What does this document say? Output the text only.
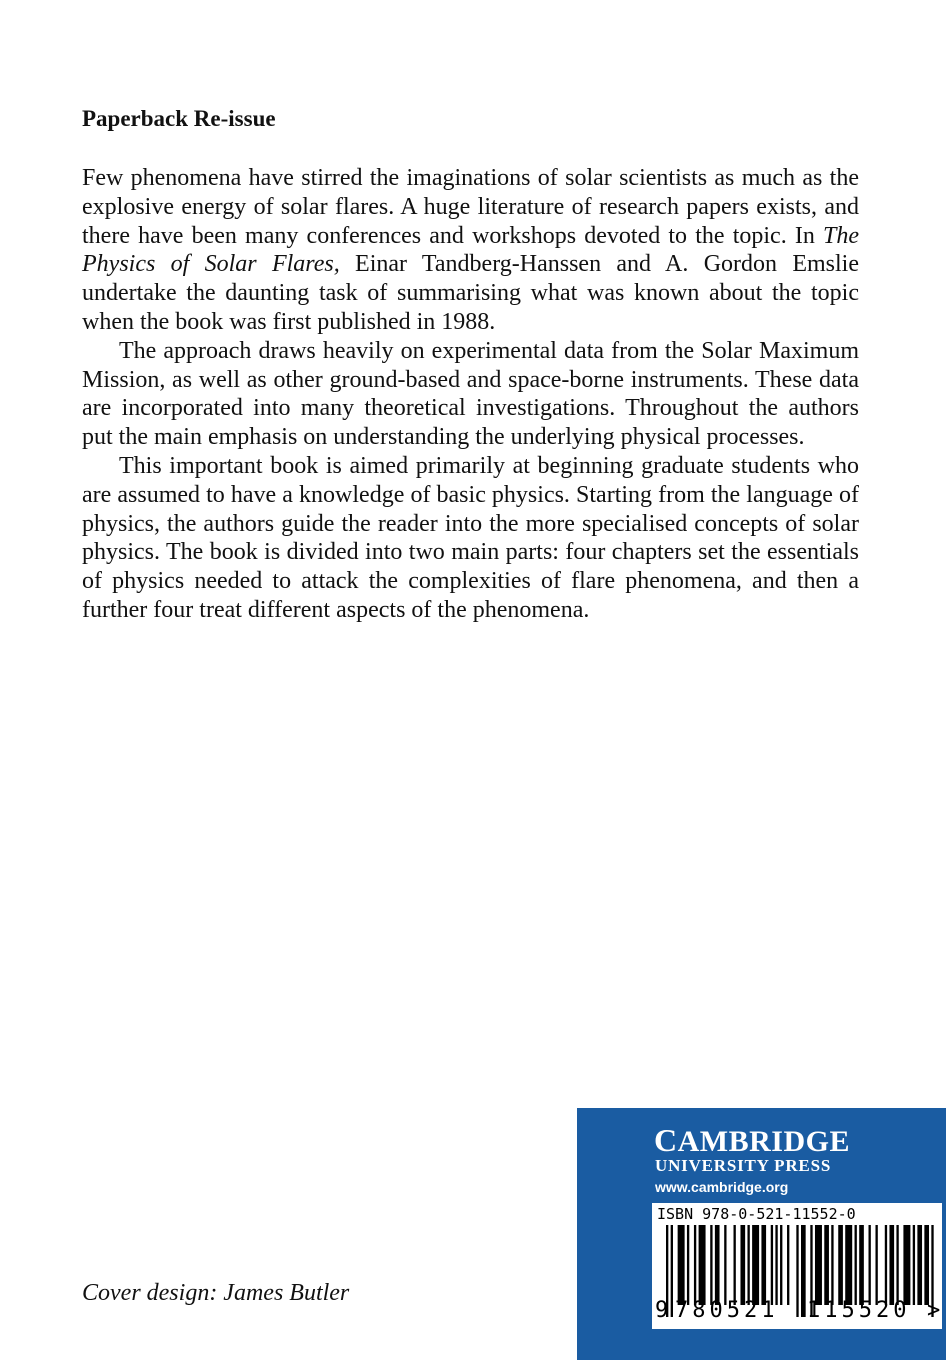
Paperback Re-issue

Few phenomena have stirred the imaginations of solar scientists as much as the explosive energy of solar flares. A huge literature of research papers exists, and there have been many conferences and workshops devoted to the topic. In The Physics of Solar Flares, Einar Tandberg-Hanssen and A. Gordon Emslie undertake the daunting task of summarising what was known about the topic when the book was first published in 1988.

The approach draws heavily on experimental data from the Solar Maximum Mission, as well as other ground-based and space-borne instruments. These data are incorporated into many theoretical investigations. Throughout the authors put the main emphasis on understanding the underlying physical processes.

This important book is aimed primarily at beginning graduate students who are assumed to have a knowledge of basic physics. Starting from the language of physics, the authors guide the reader into the more specialised concepts of solar physics. The book is divided into two main parts: four chapters set the essentials of physics needed to attack the complexities of flare phenomena, and then a further four treat different aspects of the phenomena.

Cover design: James Butler
CAMBRIDGE
UNIVERSITY PRESS
www.cambridge.org
ISBN 978-0-521-11552-0
9 780521 115520 >
